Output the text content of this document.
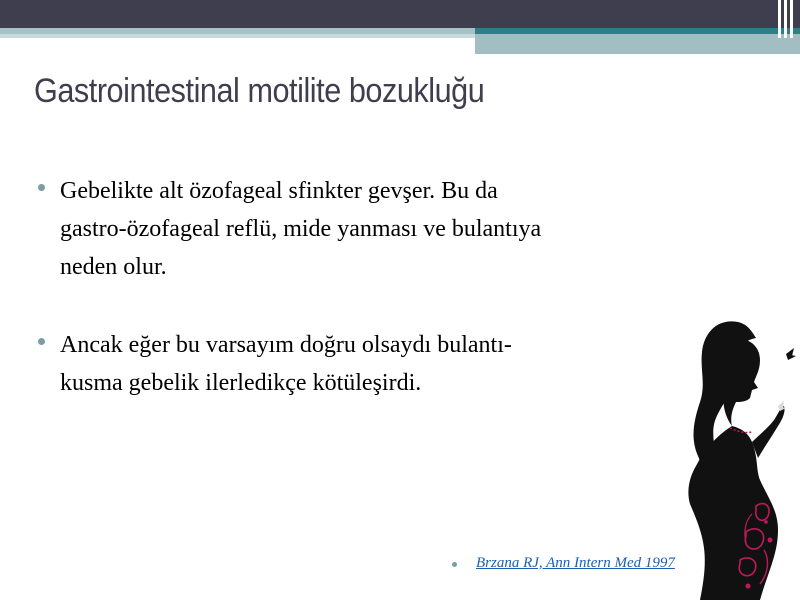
Gastrointestinal motilite bozukluğu
Gebelikte alt özofageal sfinkter gevşer. Bu da
gastro-özofageal reflü, mide yanması ve bulantıya
neden olur.
Ancak eğer bu varsayım doğru olsaydı bulantı-
kusma gebelik ilerledikçe kötüleşirdi.
Brzana RJ, Ann Intern Med 1997
